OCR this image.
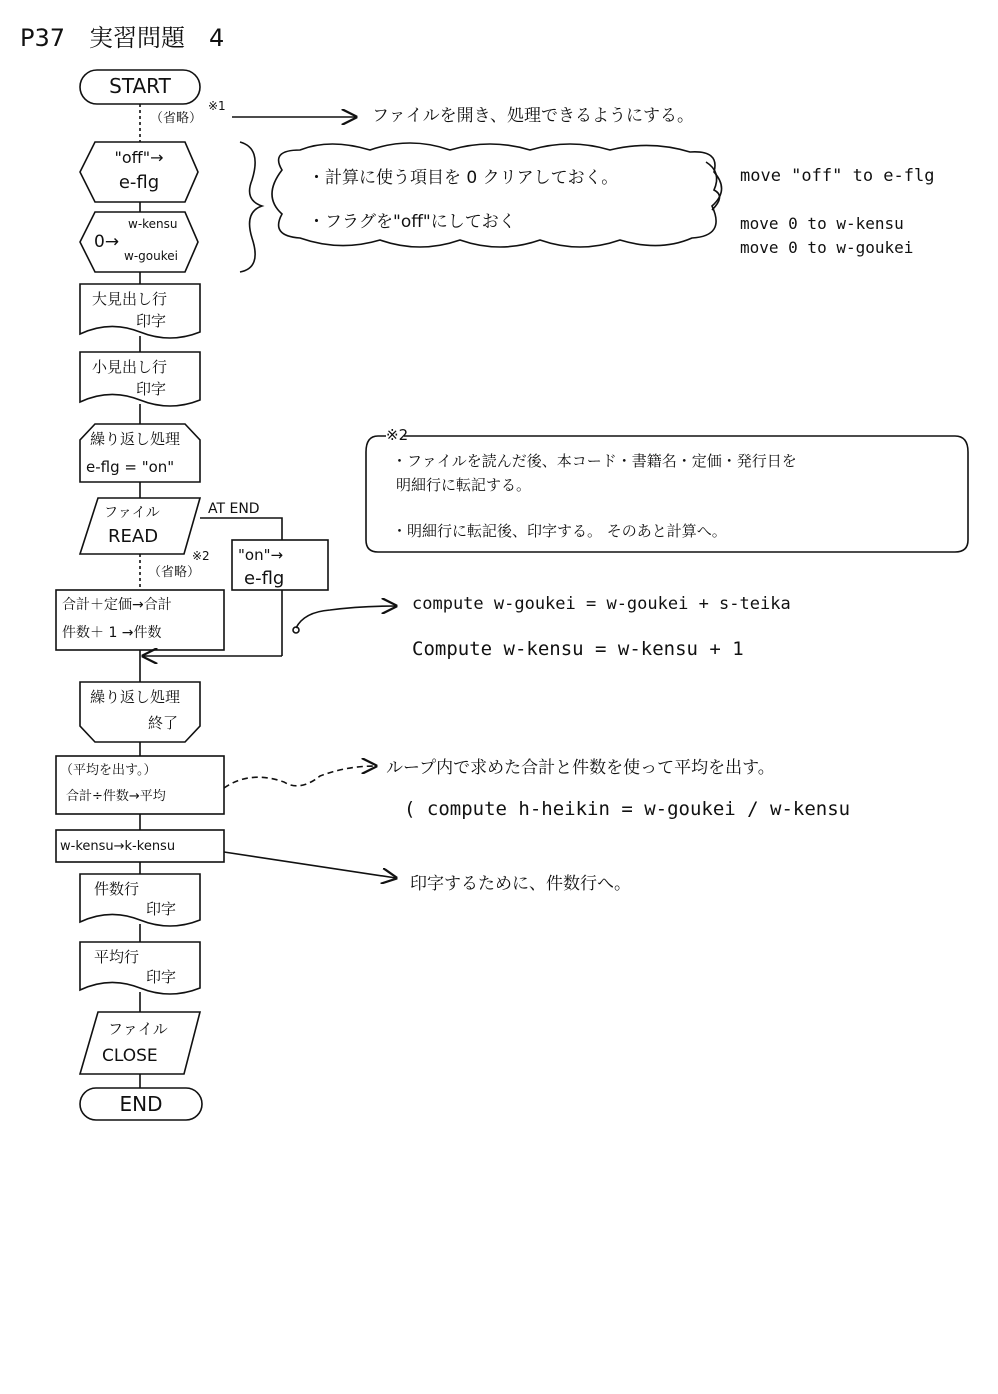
P37　実習問題　4
START
（省略）
※1
"off"→
e-flg
w-kensu
0→
w-goukei
大見出し行
印字
小見出し行
印字
繰り返し処理
e-flg = "on"
ファイル
READ
AT END
（省略）
※2 "on"→
e-flg
合計＋定価→合計
件数＋ 1 →件数
繰り返し処理
終了
（平均を出す。）
合計÷件数→平均
w-kensu→k-kensu
件数行
印字
平均行
印字
ファイル
CLOSE
END
ファイルを開き、処理できるようにする。
・計算に使う項目を 0 クリアしておく。
・フラグを"off"にしておく
move "off" to e-flg
move 0 to w-kensu
move 0 to w-goukei
※2
・ファイルを読んだ後、本コード・書籍名・定価・発行日を
明細行に転記する。
・明細行に転記後、印字する。 そのあと計算へ。
compute w-goukei = w-goukei + s-teika
Compute w-kensu = w-kensu + 1
ループ内で求めた合計と件数を使って平均を出す。
( compute h-heikin = w-goukei / w-kensu
印字するために、件数行へ。
